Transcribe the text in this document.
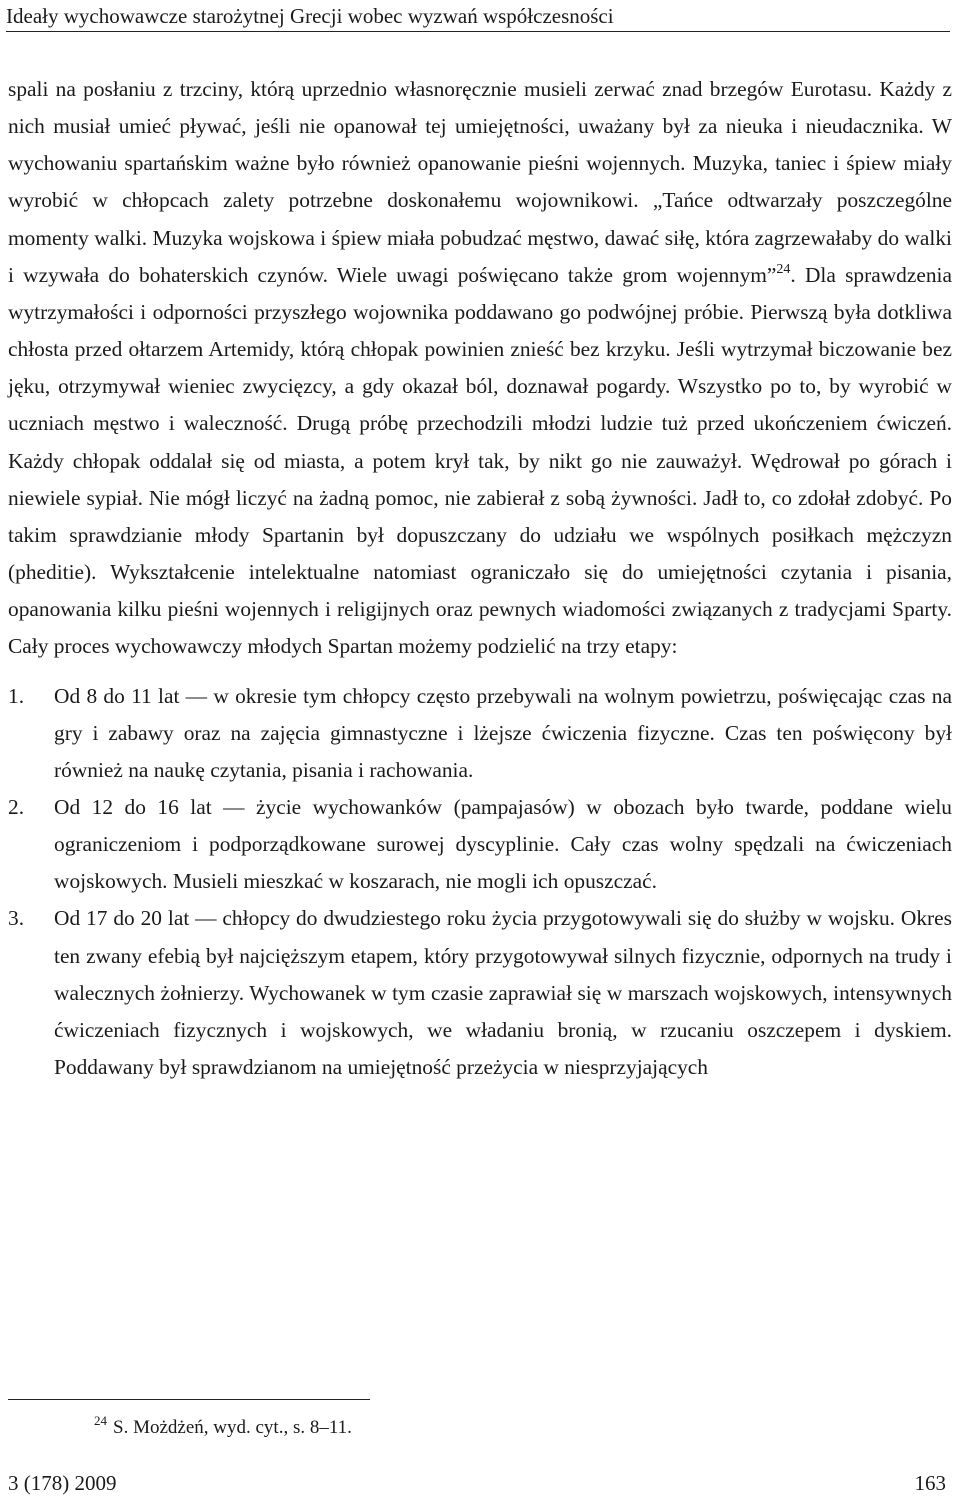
Ideały wychowawcze starożytnej Grecji wobec wyzwań współczesności

spali na posłaniu z trzciny, którą uprzednio własnoręcznie musieli zerwać znad brzegów Eurotasu. Każdy z nich musiał umieć pływać, jeśli nie opanował tej umiejętności, uważany był za nieuka i nieudacznika. W wychowaniu spartańskim ważne było również opanowanie pieśni wojennych. Muzyka, taniec i śpiew miały wyrobić w chłopcach zalety potrzebne doskonałemu wojownikowi. „Tańce odtwarzały poszczególne momenty walki. Muzyka wojskowa i śpiew miała pobudzać męstwo, dawać siłę, która zagrzewałaby do walki i wzywała do bohaterskich czynów. Wiele uwagi poświęcano także grom wojennym”$^{24}$. Dla sprawdzenia wytrzymałości i odporności przyszłego wojownika poddawano go podwójnej próbie. Pierwszą była dotkliwa chłosta przed ołtarzem Artemidy, którą chłopak powinien znieść bez krzyku. Jeśli wytrzymał biczowanie bez jęku, otrzymywał wieniec zwycięzcy, a gdy okazał ból, doznawał pogardy. Wszystko po to, by wyrobić w uczniach męstwo i waleczność. Drugą próbę przechodzili młodzi ludzie tuż przed ukończeniem ćwiczeń. Każdy chłopak oddalał się od miasta, a potem krył tak, by nikt go nie zauważył. Wędrował po górach i niewiele sypiał. Nie mógł liczyć na żadną pomoc, nie zabierał z sobą żywności. Jadł to, co zdołał zdobyć. Po takim sprawdzianie młody Spartanin był dopuszczany do udziału we wspólnych posiłkach mężczyzn (pheditie). Wykształcenie intelektualne natomiast ograniczało się do umiejętności czytania i pisania, opanowania kilku pieśni wojennych i religijnych oraz pewnych wiadomości związanych z tradycjami Sparty. Cały proces wychowawczy młodych Spartan możemy podzielić na trzy etapy:

1. Od 8 do 11 lat — w okresie tym chłopcy często przebywali na wolnym powietrzu, poświęcając czas na gry i zabawy oraz na zajęcia gimnastyczne i lżejsze ćwiczenia fizyczne. Czas ten poświęcony był również na naukę czytania, pisania i rachowania.
2. Od 12 do 16 lat — życie wychowanków (pampajasów) w obozach było twarde, poddane wielu ograniczeniom i podporządkowane surowej dyscyplinie. Cały czas wolny spędzali na ćwiczeniach wojskowych. Musieli mieszkać w koszarach, nie mogli ich opuszczać.
3. Od 17 do 20 lat — chłopcy do dwudziestego roku życia przygotowywali się do służby w wojsku. Okres ten zwany efebią był najcięższym etapem, który przygotowywał silnych fizycznie, odpornych na trudy i walecznych żołnierzy. Wychowanek w tym czasie zaprawiał się w marszach wojskowych, intensywnych ćwiczeniach fizycznych i wojskowych, we władaniu bronią, w rzucaniu oszczepem i dyskiem. Poddawany był sprawdzianom na umiejętność przeżycia w niesprzyjających
$^{24}$ S. Możdżeń, wyd. cyt., s. 8–11.
3 (178) 2009	163
